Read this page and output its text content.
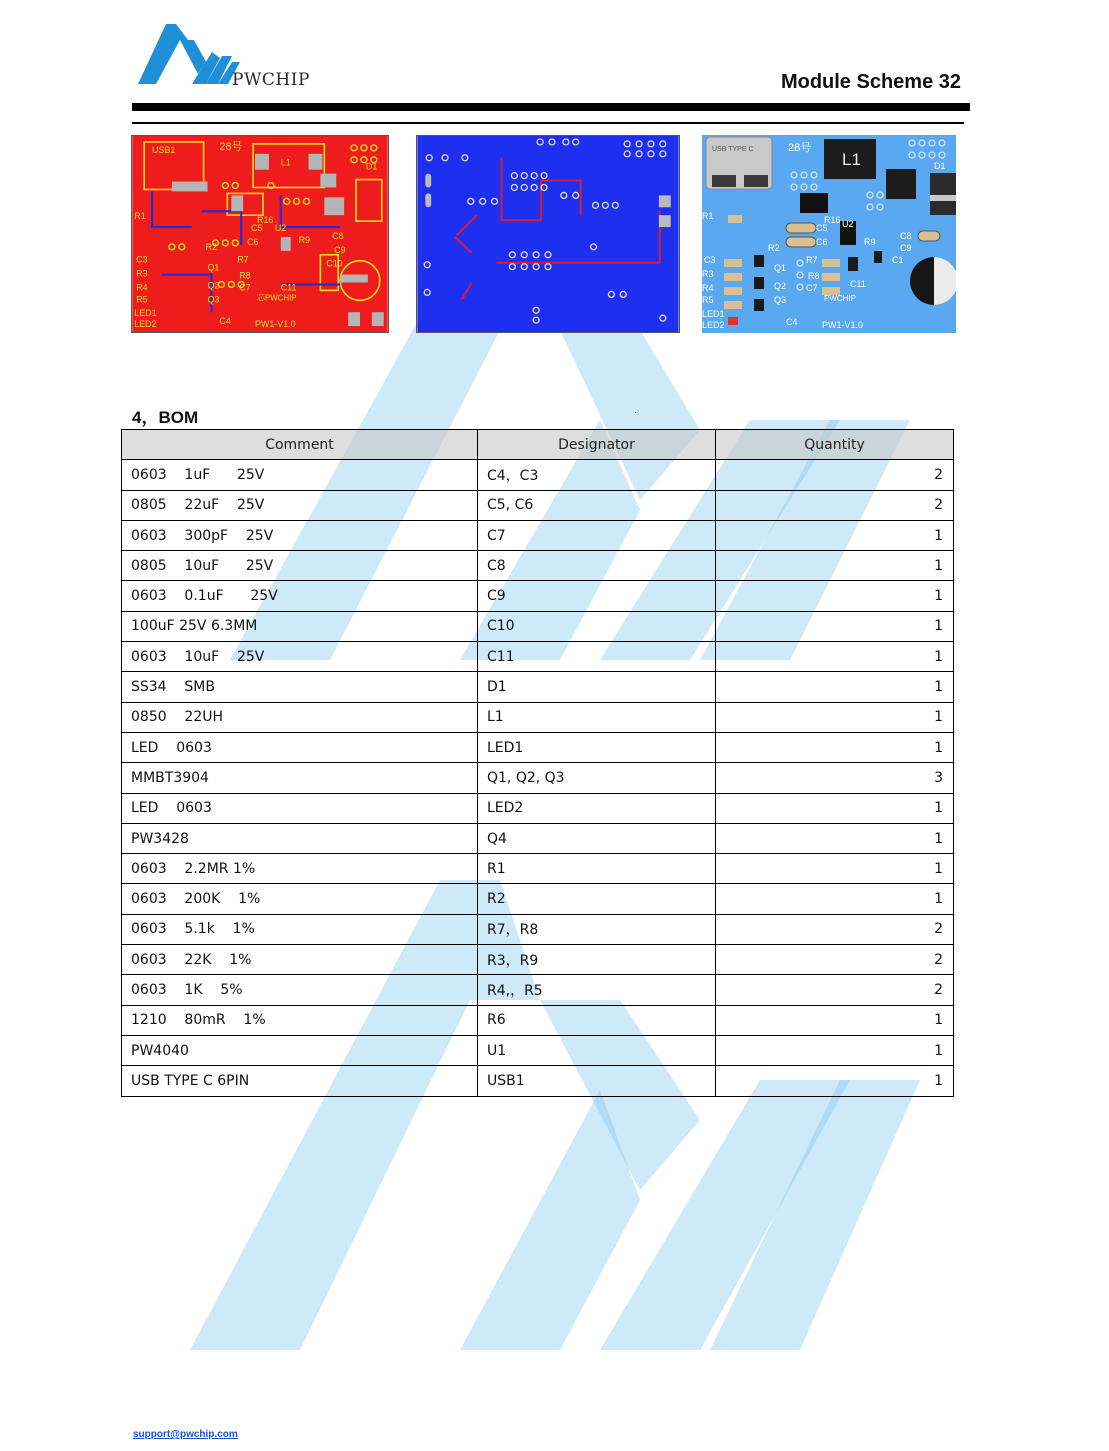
PWCHIP	Module Scheme 32
USB1	28号
L1	D1
R1	R16
R2
C5
C6
U2
R9 C8
C9
C3	R7
R3
Q1
R8
C10
C11
C7
R4	Q2
R5	Q3
LED1
LED2	C4
芯PWCHIP
PW1-V1.0
USB TYPE C
L1
28号
D1
R1	R16
R2
C5
C6
U2
R9
C8
C9
C3	R7
R3
Q1
R8
C11
C7
R4	Q2
R5	Q3
LED1
LED2	C4
PWCHIP
PW1-V1.0
C1
4，BOM	.
Comment	Designator	Quantity
0603    1uF      25V	C4，C3	2
0805    22uF    25V	C5, C6	2
0603    300pF    25V	C7	1
0805    10uF      25V	C8	1
0603    0.1uF      25V	C9	1
100uF 25V 6.3MM	C10	1
0603    10uF    25V	C11	1
SS34    SMB	D1	1
0850    22UH	L1	1
LED    0603	LED1	1
MMBT3904	Q1, Q2, Q3	3
LED    0603	LED2	1
PW3428	Q4	1
0603    2.2MR 1%	R1	1
0603    200K    1%	R2	1
0603    5.1k    1%	R7，R8	2
0603    22K    1%	R3，R9	2
0603    1K    5%	R4,，R5	2
1210    80mR    1%	R6	1
PW4040	U1	1
USB TYPE C 6PIN	USB1	1
support@pwchip.com
